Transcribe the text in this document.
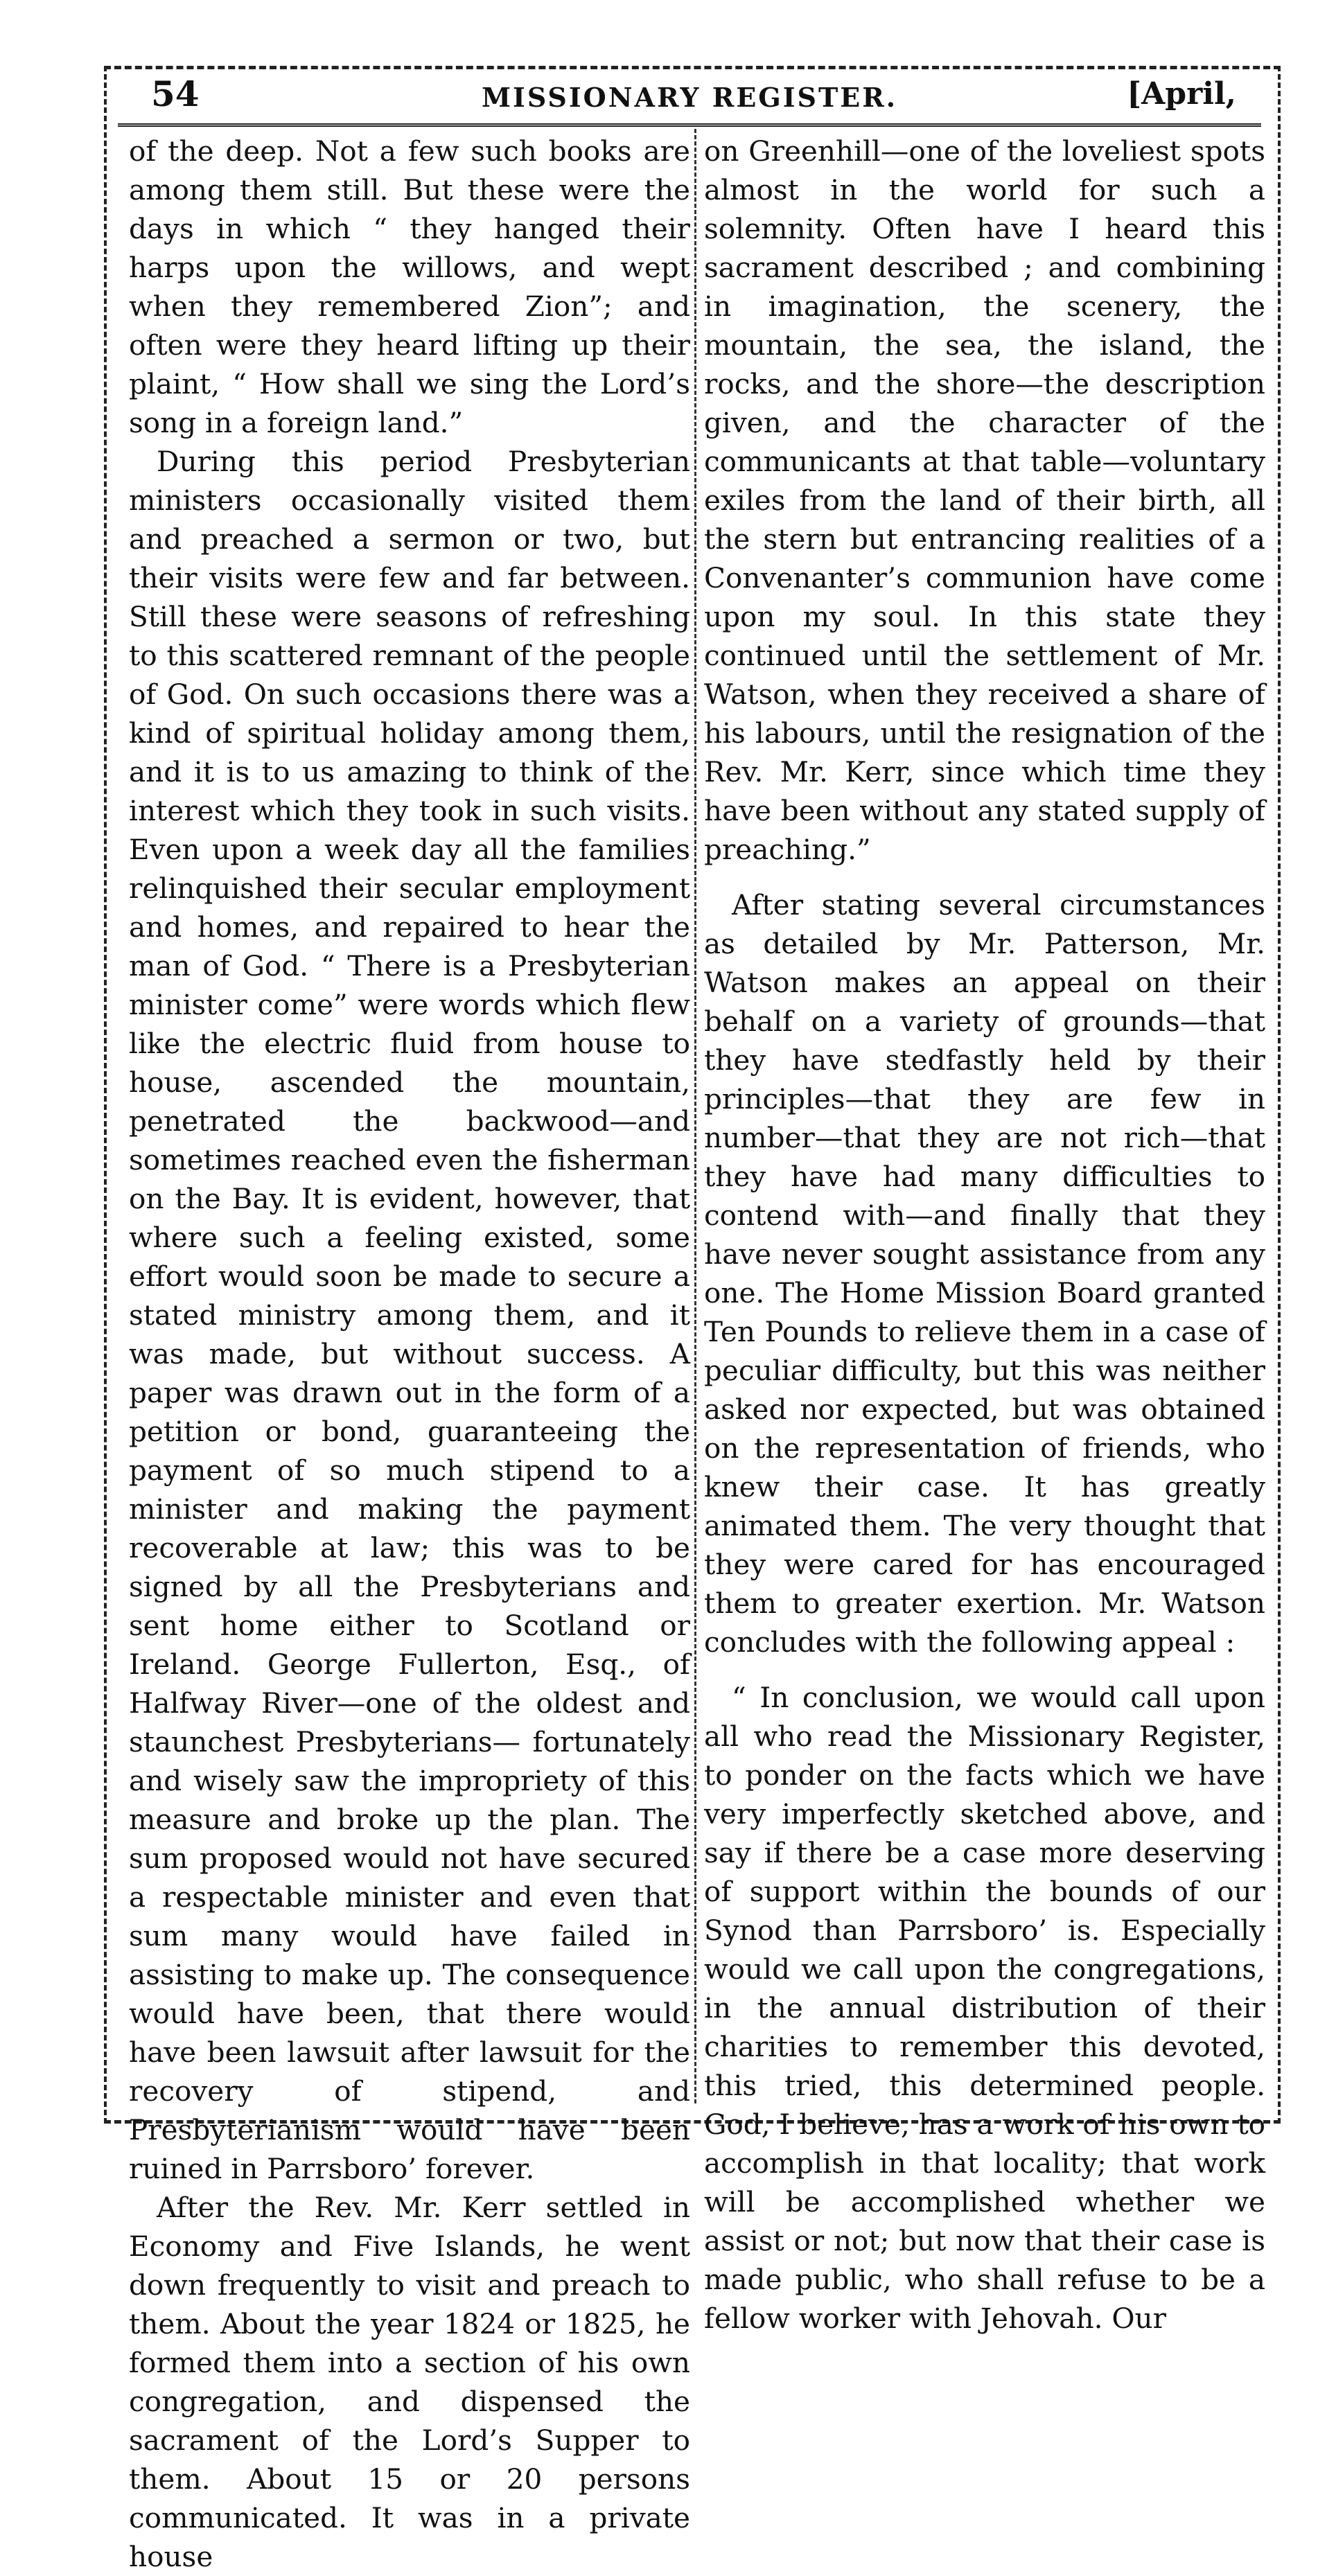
54	MISSIONARY REGISTER.	[April,

of the deep. Not a few such books are among them still. But these were the days in which “ they hanged their harps upon the willows, and wept when they remembered Zion”; and often were they heard lifting up their plaint, “ How shall we sing the Lord’s song in a foreign land.”

During this period Presbyterian ministers occasionally visited them and preached a sermon or two, but their visits were few and far between. Still these were seasons of refreshing to this scattered remnant of the people of God. On such occasions there was a kind of spiritual holiday among them, and it is to us amazing to think of the interest which they took in such visits. Even upon a week day all the families relinquished their secular employment and homes, and repaired to hear the man of God. “ There is a Presbyterian minister come” were words which flew like the electric fluid from house to house, ascended the mountain, penetrated the backwood—and sometimes reached even the fisherman on the Bay. It is evident, however, that where such a feeling existed, some effort would soon be made to secure a stated ministry among them, and it was made, but without success. A paper was drawn out in the form of a petition or bond, guaranteeing the payment of so much stipend to a minister and making the payment recoverable at law; this was to be signed by all the Presbyterians and sent home either to Scotland or Ireland. George Fullerton, Esq., of Halfway River—one of the oldest and staunchest Presbyterians— fortunately and wisely saw the impropriety of this measure and broke up the plan. The sum proposed would not have secured a respectable minister and even that sum many would have failed in assisting to make up. The consequence would have been, that there would have been lawsuit after lawsuit for the recovery of stipend, and Presbyterianism would have been ruined in Parrsboro’ forever.

After the Rev. Mr. Kerr settled in Economy and Five Islands, he went down frequently to visit and preach to them. About the year 1824 or 1825, he formed them into a section of his own congregation, and dispensed the sacrament of the Lord’s Supper to them. About 15 or 20 persons communicated. It was in a private house

on Greenhill—one of the loveliest spots almost in the world for such a solemnity. Often have I heard this sacrament described ; and combining in imagination, the scenery, the mountain, the sea, the island, the rocks, and the shore—the description given, and the character of the communicants at that table—voluntary exiles from the land of their birth, all the stern but entrancing realities of a Convenanter’s communion have come upon my soul. In this state they continued until the settlement of Mr. Watson, when they received a share of his labours, until the resignation of the Rev. Mr. Kerr, since which time they have been without any stated supply of preaching.”

After stating several circumstances as detailed by Mr. Patterson, Mr. Watson makes an appeal on their behalf on a variety of grounds—that they have stedfastly held by their principles—that they are few in number—that they are not rich—that they have had many difficulties to contend with—and finally that they have never sought assistance from any one. The Home Mission Board granted Ten Pounds to relieve them in a case of peculiar difficulty, but this was neither asked nor expected, but was obtained on the representation of friends, who knew their case. It has greatly animated them. The very thought that they were cared for has encouraged them to greater exertion. Mr. Watson concludes with the following appeal :

“ In conclusion, we would call upon all who read the Missionary Register, to ponder on the facts which we have very imperfectly sketched above, and say if there be a case more deserving of support within the bounds of our Synod than Parrsboro’ is. Especially would we call upon the congregations, in the annual distribution of their charities to remember this devoted, this tried, this determined people. God, I believe, has a work of his own to accomplish in that locality; that work will be accomplished whether we assist or not; but now that their case is made public, who shall refuse to be a fellow worker with Jehovah. Our
